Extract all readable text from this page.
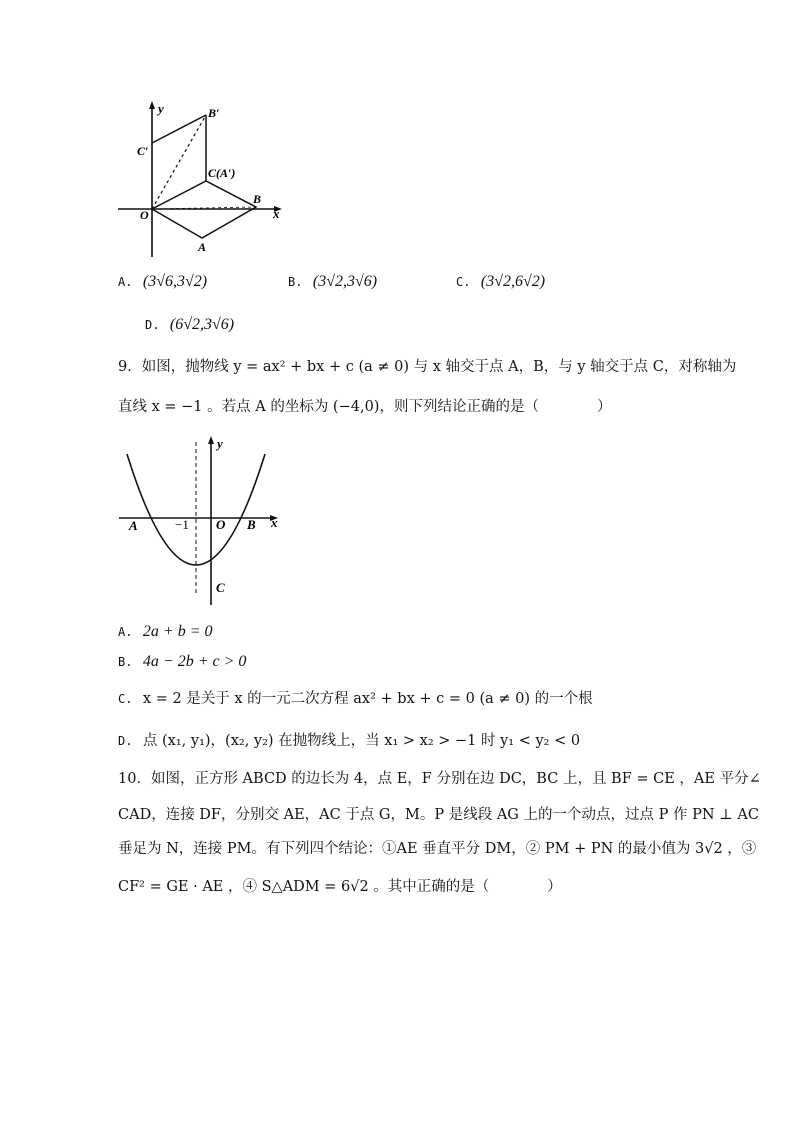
y	B′
C′
C(A′)
B
x
O
A
A. (3√6,3√2)	B. (3√2,3√6)	C. (3√2,6√2)
D. (6√2,3√6)
9．如图，抛物线 y = ax² + bx + c (a ≠ 0) 与 x 轴交于点 A，B，与 y 轴交于点 C，对称轴为
直线 x = −1 。若点 A 的坐标为 (−4,0)，则下列结论正确的是（　　　　）
y
A	−1 O B x
C
A. 2a + b = 0
B. 4a − 2b + c > 0
C. x = 2 是关于 x 的一元二次方程 ax² + bx + c = 0 (a ≠ 0) 的一个根
D. 点 (x₁, y₁)，(x₂, y₂) 在抛物线上，当 x₁ > x₂ > −1 时 y₁ < y₂ < 0
10．如图，正方形 ABCD 的边长为 4，点 E，F 分别在边 DC，BC 上，且 BF = CE ，AE 平分∠
CAD，连接 DF，分别交 AE，AC 于点 G，M。P 是线段 AG 上的一个动点，过点 P 作 PN ⊥ AC
垂足为 N，连接 PM。有下列四个结论：①AE 垂直平分 DM，② PM + PN 的最小值为 3√2 ，③
CF² = GE · AE ，④ S△ADM = 6√2 。其中正确的是（　　　　）
